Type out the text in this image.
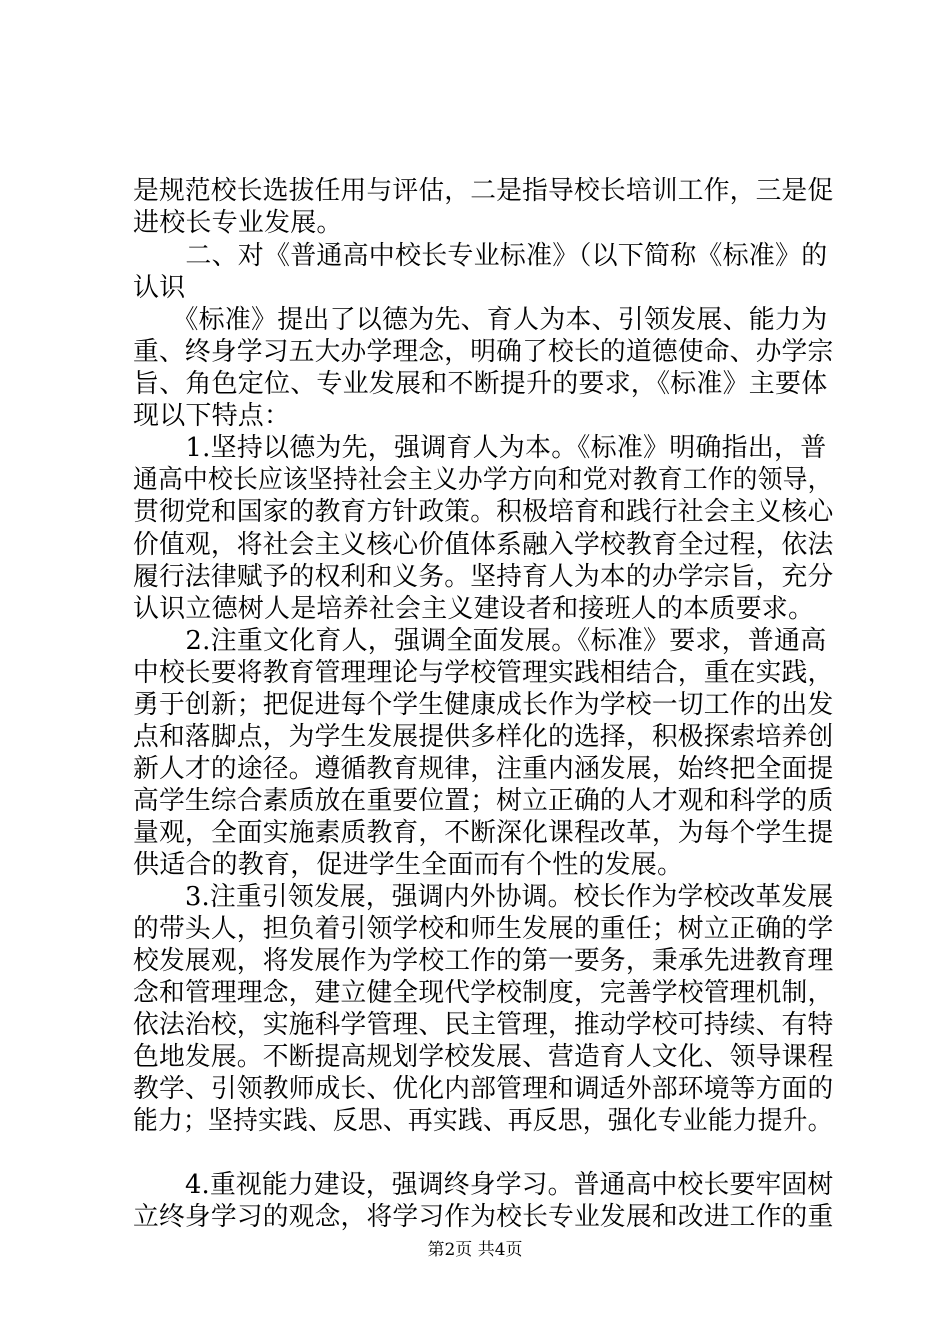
是规范校长选拔任用与评估，二是指导校长培训工作，三是促
进校长专业发展。
　　二、对《普通高中校长专业标准》（以下简称《标准》的
认识
　　《标准》提出了以德为先、育人为本、引领发展、能力为
重、终身学习五大办学理念，明确了校长的道德使命、办学宗
旨、角色定位、专业发展和不断提升的要求，《标准》主要体
现以下特点：
　　1.坚持以德为先，强调育人为本。《标准》明确指出，普
通高中校长应该坚持社会主义办学方向和党对教育工作的领导，
贯彻党和国家的教育方针政策。积极培育和践行社会主义核心
价值观，将社会主义核心价值体系融入学校教育全过程，依法
履行法律赋予的权利和义务。坚持育人为本的办学宗旨，充分
认识立德树人是培养社会主义建设者和接班人的本质要求。
　　2.注重文化育人，强调全面发展。《标准》要求，普通高
中校长要将教育管理理论与学校管理实践相结合，重在实践，
勇于创新；把促进每个学生健康成长作为学校一切工作的出发
点和落脚点，为学生发展提供多样化的选择，积极探索培养创
新人才的途径。遵循教育规律，注重内涵发展，始终把全面提
高学生综合素质放在重要位置；树立正确的人才观和科学的质
量观，全面实施素质教育，不断深化课程改革，为每个学生提
供适合的教育，促进学生全面而有个性的发展。
　　3.注重引领发展，强调内外协调。校长作为学校改革发展
的带头人，担负着引领学校和师生发展的重任；树立正确的学
校发展观，将发展作为学校工作的第一要务，秉承先进教育理
念和管理理念，建立健全现代学校制度，完善学校管理机制，
依法治校，实施科学管理、民主管理，推动学校可持续、有特
色地发展。不断提高规划学校发展、营造育人文化、领导课程
教学、引领教师成长、优化内部管理和调适外部环境等方面的
能力；坚持实践、反思、再实践、再反思，强化专业能力提升。
　　4.重视能力建设，强调终身学习。普通高中校长要牢固树
立终身学习的观念，将学习作为校长专业发展和改进工作的重
第2页 共4页
